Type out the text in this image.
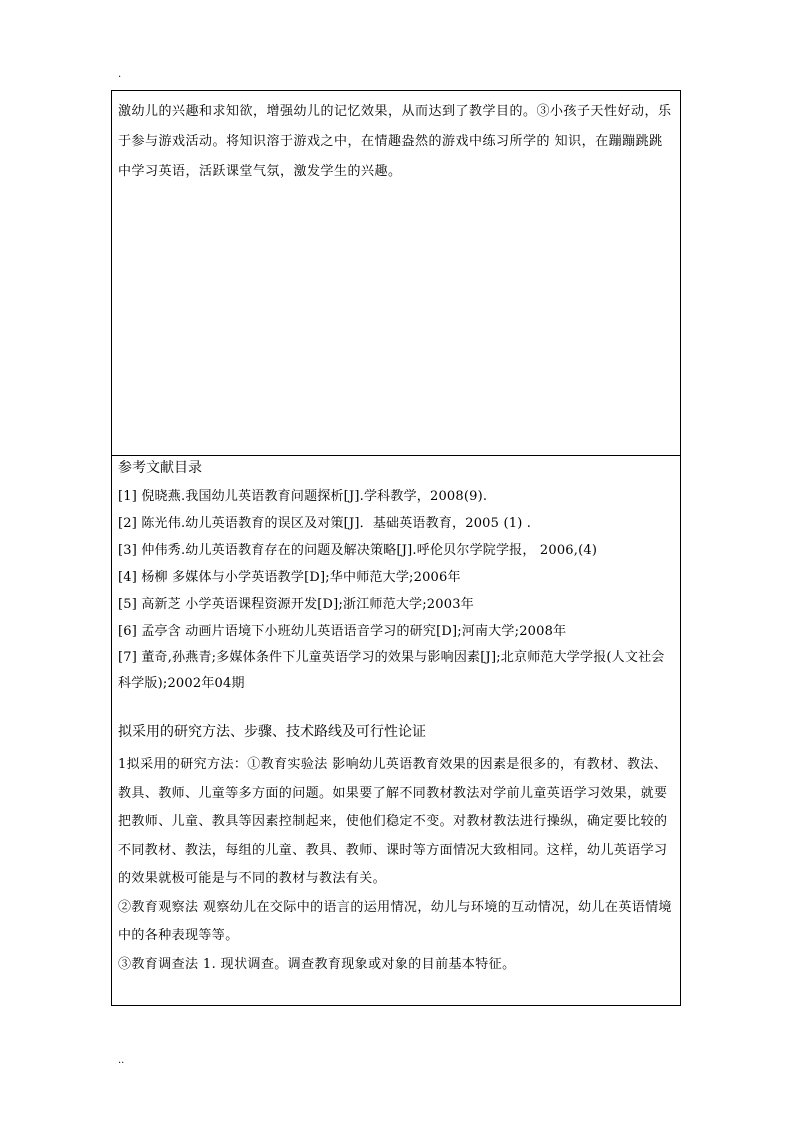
.
激幼儿的兴趣和求知欲，增强幼儿的记忆效果，从而达到了教学目的。③小孩子天性好动，乐于参与游戏活动。将知识溶于游戏之中，在情趣盎然的游戏中练习所学的 知识，在蹦蹦跳跳中学习英语，活跃课堂气氛，激发学生的兴趣。
参考文献目录

[1] 倪晓燕.我国幼儿英语教育问题探析[J].学科教学，2008(9).

[2] 陈光伟.幼儿英语教育的误区及对策[J]．基础英语教育，2005 (1) .

[3] 仲伟秀.幼儿英语教育存在的问题及解决策略[J].呼伦贝尔学院学报， 2006,(4)

[4] 杨柳 多媒体与小学英语教学[D];华中师范大学;2006年

[5] 高新芝 小学英语课程资源开发[D];浙江师范大学;2003年

[6] 孟亭含 动画片语境下小班幼儿英语语音学习的研究[D];河南大学;2008年

[7] 董奇,孙燕青;多媒体条件下儿童英语学习的效果与影响因素[J];北京师范大学学报(人文社会科学版);2002年04期

拟采用的研究方法、步骤、技术路线及可行性论证

1拟采用的研究方法：①教育实验法 影响幼儿英语教育效果的因素是很多的，有教材、教法、教具、教师、儿童等多方面的问题。如果要了解不同教材教法对学前儿童英语学习效果，就要把教师、儿童、教具等因素控制起来，使他们稳定不变。对教材教法进行操纵，确定要比较的不同教材、教法，每组的儿童、教具、教师、课时等方面情况大致相同。这样，幼儿英语学习的效果就极可能是与不同的教材与教法有关。

②教育观察法 观察幼儿在交际中的语言的运用情况，幼儿与环境的互动情况，幼儿在英语情境中的各种表现等等。

③教育调查法 1. 现状调查。调查教育现象或对象的目前基本特征。

..
